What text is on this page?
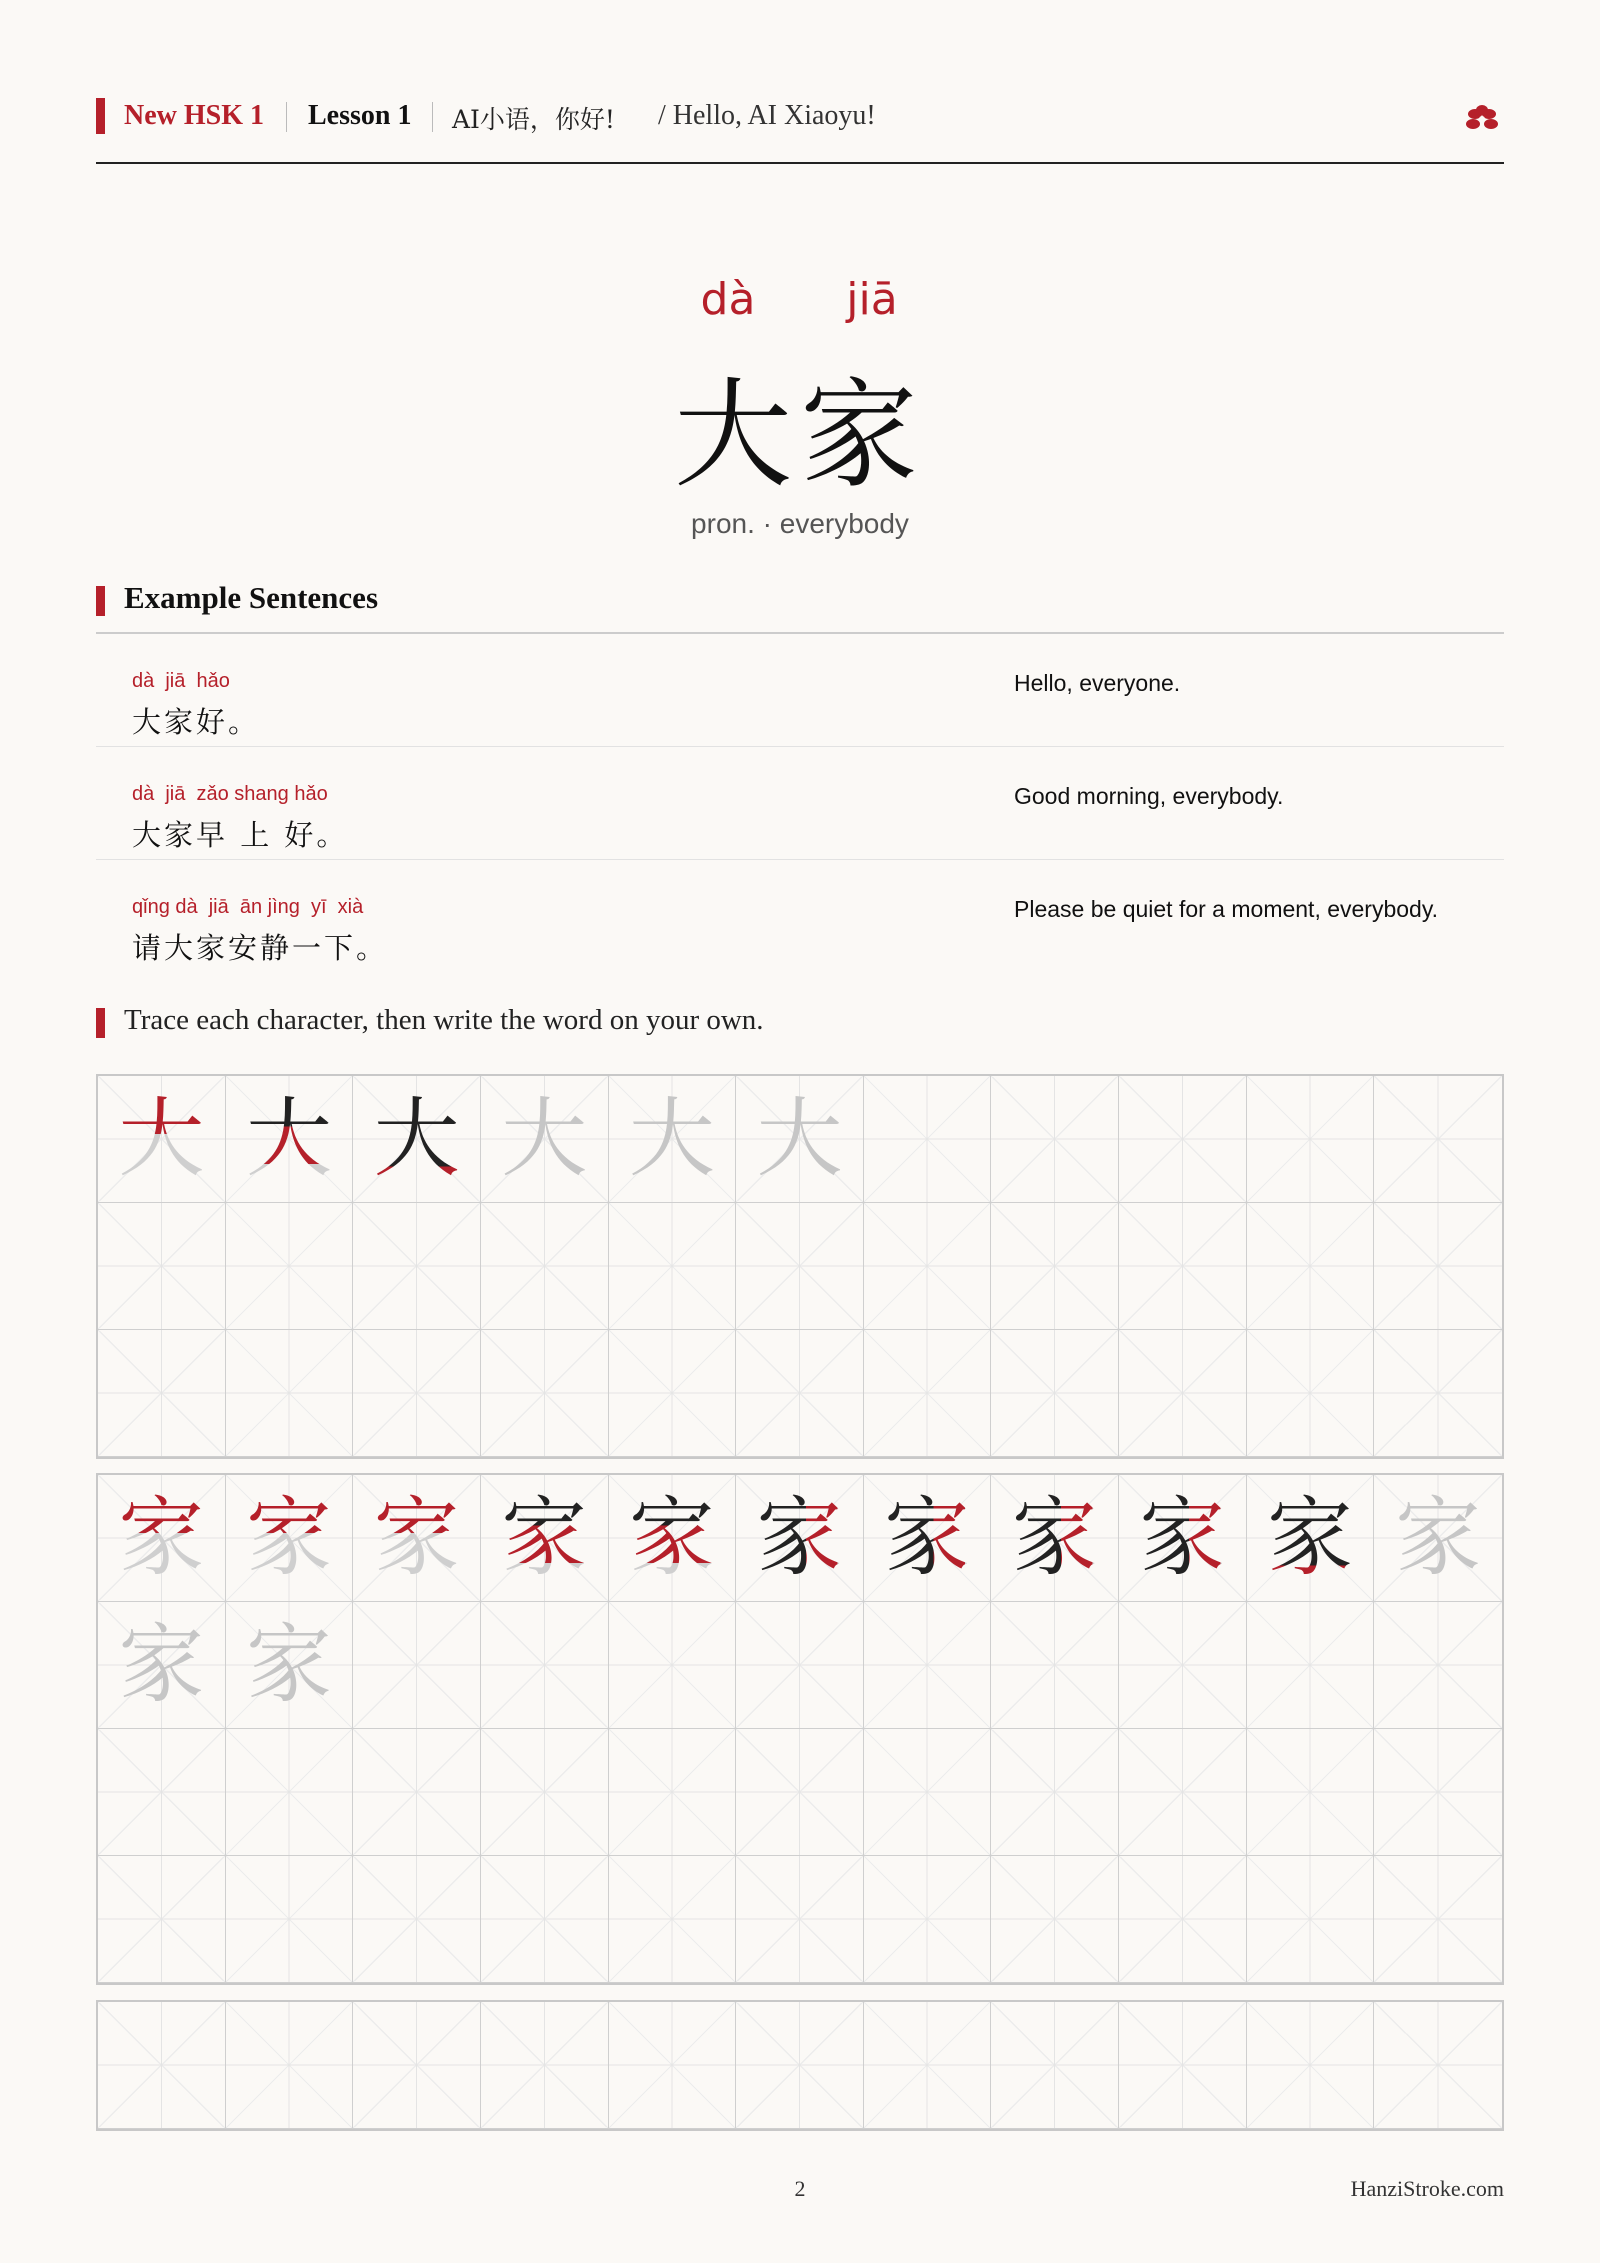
New HSK 1 Lesson 1 AI小语，你好! / Hello, AI Xiaoyu!
dà jiā
大家
pron. · everybody
Example Sentences
dà  jiā  hǎo
大家好。
Hello, everyone.
dà  jiā  zǎo shang hǎo
大家早 上 好。
Good morning, everybody.
qǐng dà  jiā  ān jìng  yī  xià
请大家安静一下。
Please be quiet for a moment, everybody.
Trace each character, then write the word on your own.
大 大 大 大 大 大
家 家 家 家 家 家 家 家 家 家 家
家 家
2	HanziStroke.com
